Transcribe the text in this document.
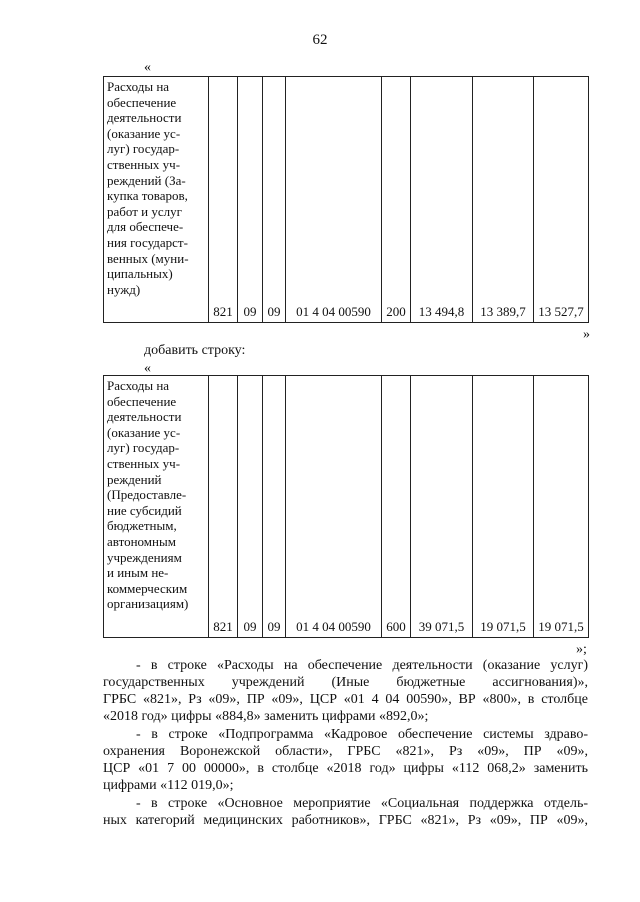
62
«
Расходы на
обеспечение
деятельности
(оказание ус-
луг) государ-
ственных уч-
реждений (За-
купка товаров,
работ и услуг
для обеспече-
ния государст-
венных (муни-
ципальных)
нужд)
	821	09	09	01 4 04 00590	200	13 494,8	13 389,7	13 527,7
»
добавить строку:
«
Расходы на
обеспечение
деятельности
(оказание ус-
луг) государ-
ственных уч-
реждений
(Предоставле-
ние субсидий
бюджетным,
автономным
учреждениям
и иным не-
коммерческим
организациям)
	821	09	09	01 4 04 00590	600	39 071,5	19 071,5	19 071,5
»;
- в строке «Расходы на обеспечение деятельности (оказание услуг)
государственных учреждений (Иные бюджетные ассигнования)»,
ГРБС «821», Рз «09», ПР «09», ЦСР «01 4 04 00590», ВР «800», в столбце
«2018 год» цифры «884,8» заменить цифрами «892,0»;
- в строке «Подпрограмма «Кадровое обеспечение системы здраво-
охранения Воронежской области», ГРБС «821», Рз «09», ПР «09»,
ЦСР «01 7 00 00000», в столбце «2018 год» цифры «112 068,2» заменить
цифрами «112 019,0»;
- в строке «Основное мероприятие «Социальная поддержка отдель-
ных категорий медицинских работников», ГРБС «821», Рз «09», ПР «09»,
